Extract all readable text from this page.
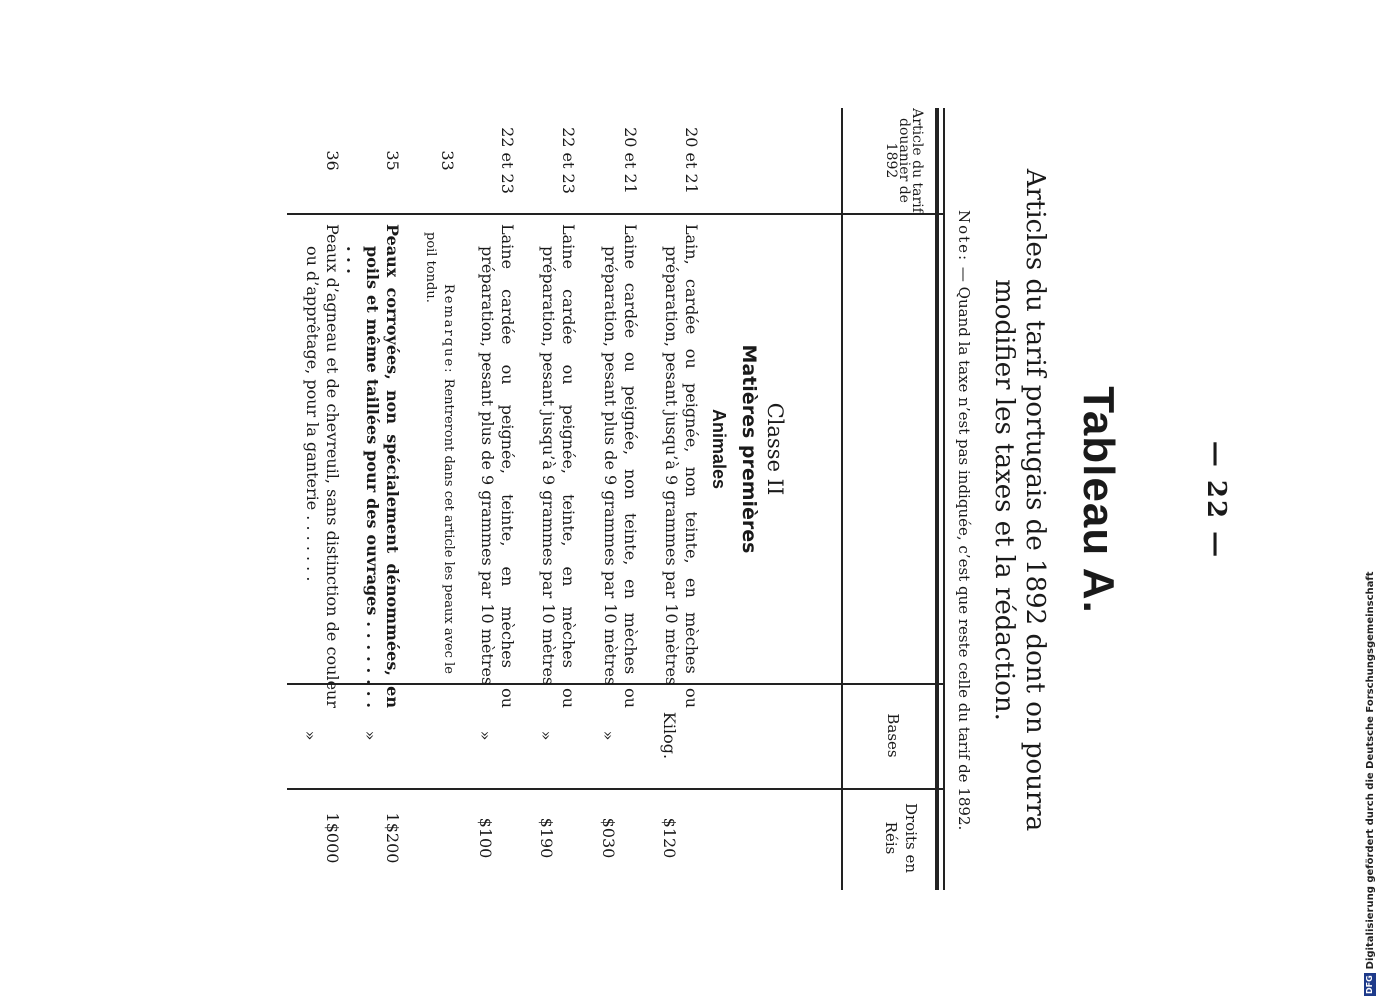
— 22 —
Tableau A.
Articles du tarif portugais de 1892 dont on pourra modifier les taxes et la rédaction.
Note: — Quand la taxe n’est pas indiquée, c’est que reste celle du tarif de 1892.
Article du tarif douanier de 1892
Bases
Droits en Réis
Classe II
Matières premières
Animales
20 et 21
Lain, cardée ou peignée, non teinte, en mèches ou préparation, pesant jusqu’à 9 grammes par 10 mètres
Kilog.
$120
20 et 21
Laine cardée ou peignée, non teinte, en mèches ou préparation, pesant plus de 9 grammes par 10 mètres
»
$030
22 et 23
Laine cardée ou peignée, teinte, en mèches ou préparation, pesant jusqu’à 9 grammes par 10 mètres
»
$190
22 et 23
Laine cardée ou peignée, teinte, en mèches ou préparation, pesant plus de 9 grammes par 10 mètres
»
$100
33
Remarque: Rentreront dans cet article les peaux avec le poil tondu.
35
Peaux corroyées, non spécialement dénommées, en poils et même taillées pour des ouvrages . . . . . . . . . . .
»
1$200
36
Peaux d’agneau et de chevreuil, sans distinction de couleur ou d’apprêtage, pour la ganterie . . . . . . .
»
1$000
DFGDigitalisierung gefördert durch die Deutsche Forschungsgemeinschaft
